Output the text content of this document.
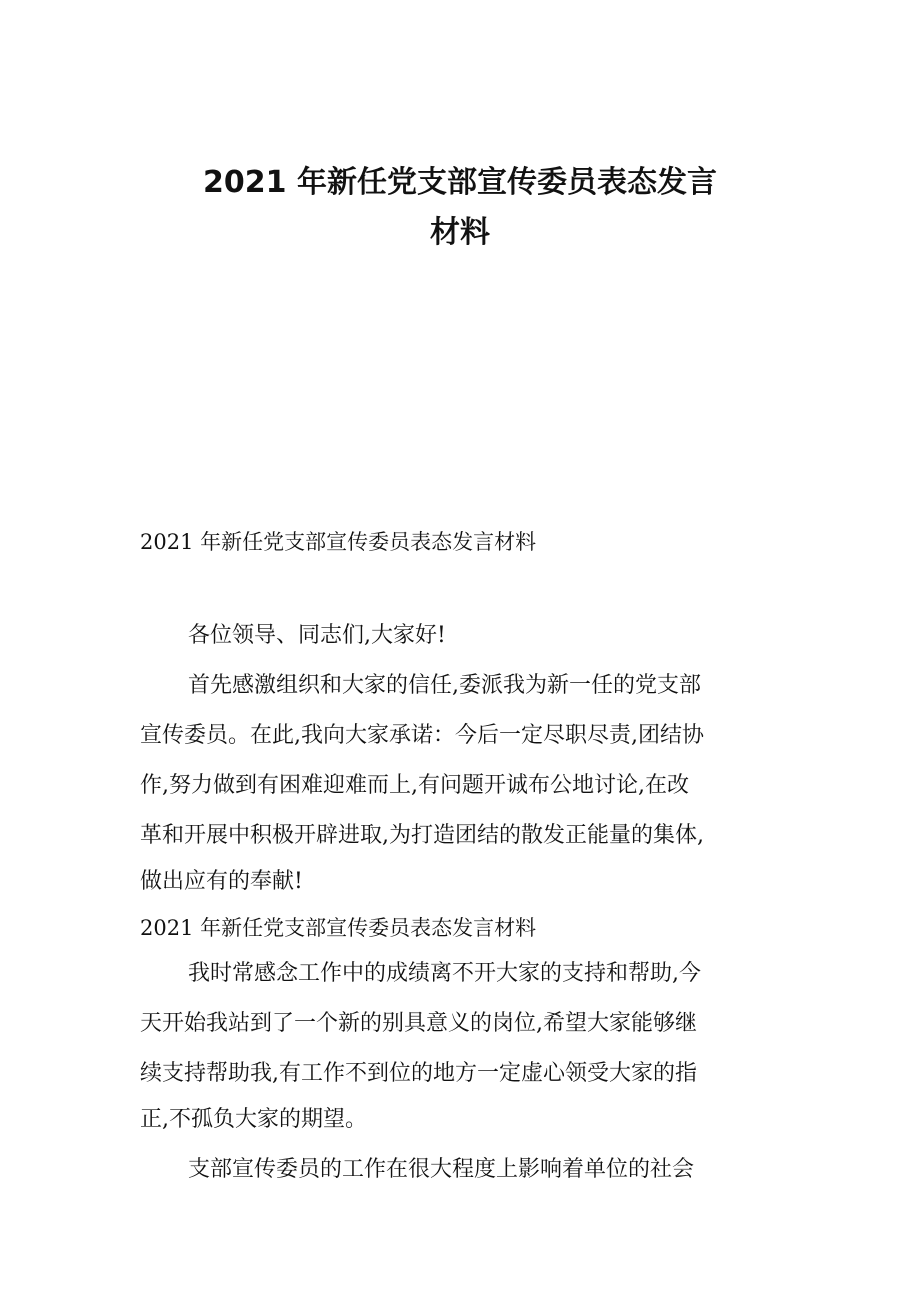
2021 年新任党支部宣传委员表态发言
材料

2021 年新任党支部宣传委员表态发言材料

各位领导、同志们,大家好!

首先感激组织和大家的信任,委派我为新一任的党支部

宣传委员。在此,我向大家承诺：今后一定尽职尽责,团结协

作,努力做到有困难迎难而上,有问题开诚布公地讨论,在改

革和开展中积极开辟进取,为打造团结的散发正能量的集体,

做出应有的奉献!

2021 年新任党支部宣传委员表态发言材料

我时常感念工作中的成绩离不开大家的支持和帮助,今

天开始我站到了一个新的别具意义的岗位,希望大家能够继

续支持帮助我,有工作不到位的地方一定虚心领受大家的指

正,不孤负大家的期望。

支部宣传委员的工作在很大程度上影响着单位的社会
